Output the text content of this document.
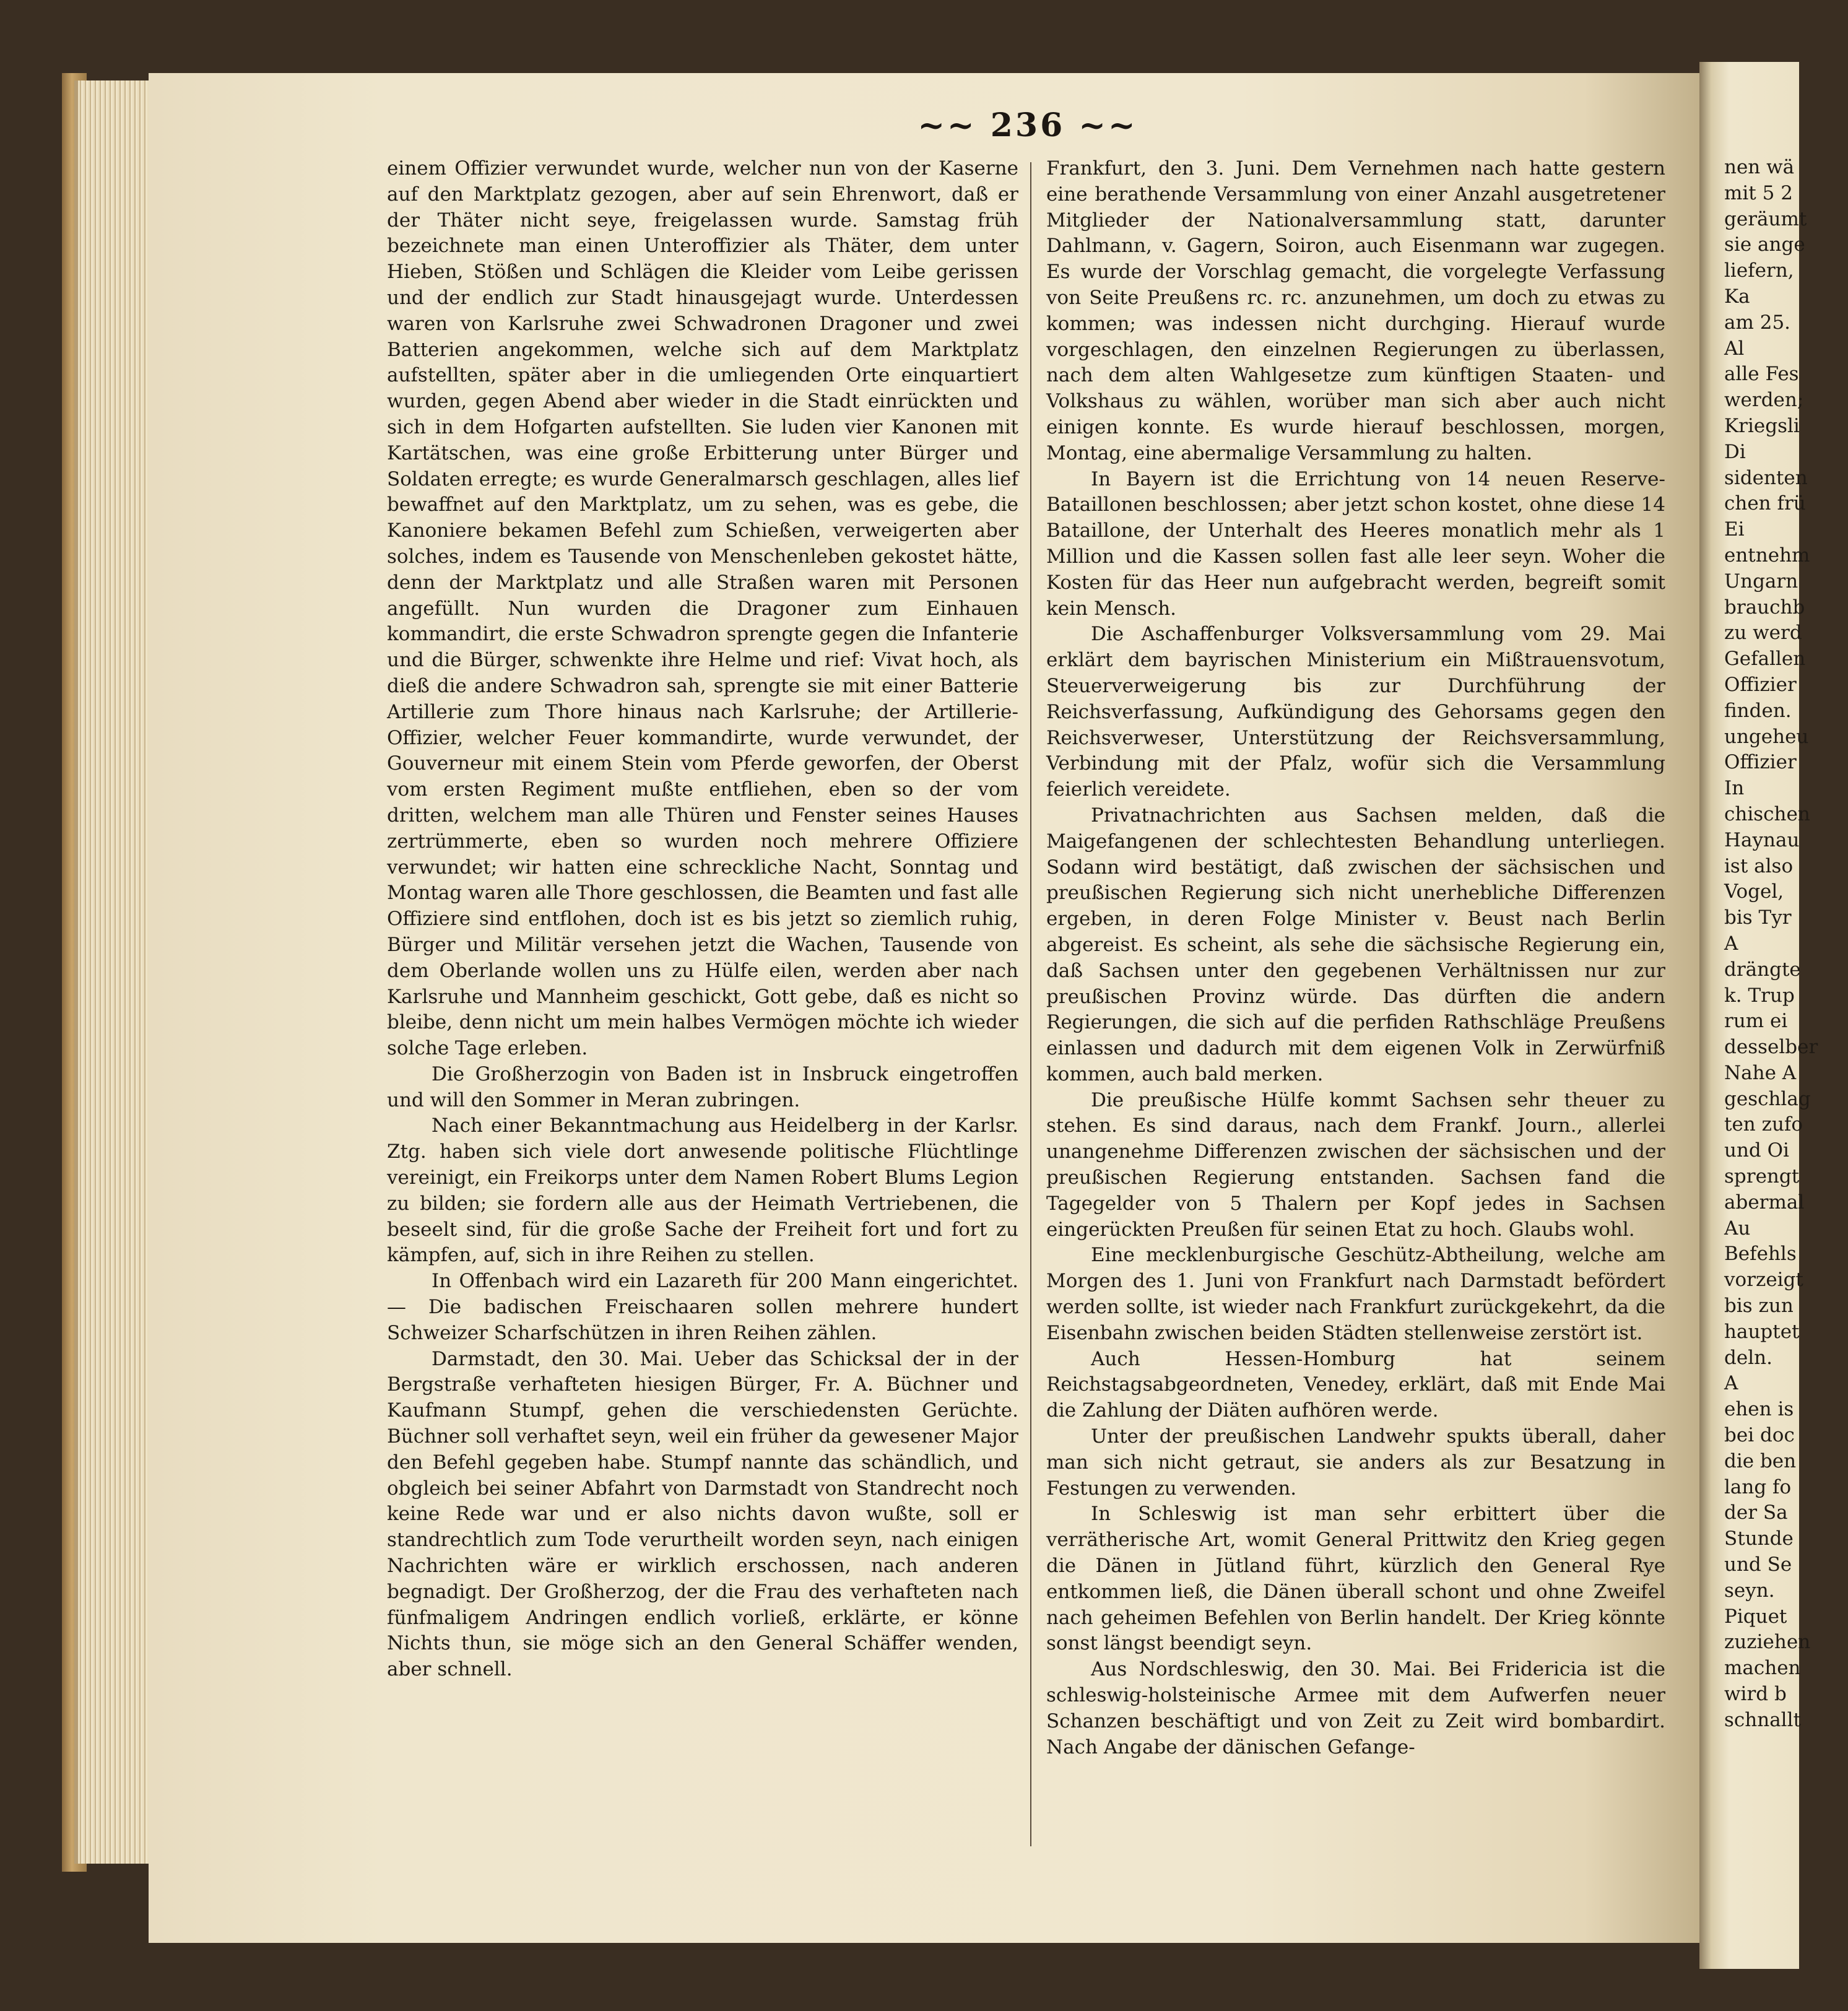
~~ 236 ~~

einem Offizier verwundet wurde, welcher nun von der Kaserne auf den Marktplatz gezogen, aber auf sein Ehrenwort, daß er der Thäter nicht seye, freigelassen wurde. Samstag früh bezeichnete man einen Unteroffizier als Thäter, dem unter Hieben, Stößen und Schlägen die Kleider vom Leibe gerissen und der endlich zur Stadt hinausgejagt wurde. Unterdessen waren von Karlsruhe zwei Schwadronen Dragoner und zwei Batterien angekommen, welche sich auf dem Marktplatz aufstellten, später aber in die umliegenden Orte einquartiert wurden, gegen Abend aber wieder in die Stadt einrückten und sich in dem Hofgarten aufstellten. Sie luden vier Kanonen mit Kartätschen, was eine große Erbitterung unter Bürger und Soldaten erregte; es wurde Generalmarsch geschlagen, alles lief bewaffnet auf den Marktplatz, um zu sehen, was es gebe, die Kanoniere bekamen Befehl zum Schießen, verweigerten aber solches, indem es Tausende von Menschenleben gekostet hätte, denn der Marktplatz und alle Straßen waren mit Personen angefüllt. Nun wurden die Dragoner zum Einhauen kommandirt, die erste Schwadron sprengte gegen die Infanterie und die Bürger, schwenkte ihre Helme und rief: Vivat hoch, als dieß die andere Schwadron sah, sprengte sie mit einer Batterie Artillerie zum Thore hinaus nach Karlsruhe; der Artillerie-Offizier, welcher Feuer kommandirte, wurde verwundet, der Gouverneur mit einem Stein vom Pferde geworfen, der Oberst vom ersten Regiment mußte entfliehen, eben so der vom dritten, welchem man alle Thüren und Fenster seines Hauses zertrümmerte, eben so wurden noch mehrere Offiziere verwundet; wir hatten eine schreckliche Nacht, Sonntag und Montag waren alle Thore geschlossen, die Beamten und fast alle Offiziere sind entflohen, doch ist es bis jetzt so ziemlich ruhig, Bürger und Militär versehen jetzt die Wachen, Tausende von dem Oberlande wollen uns zu Hülfe eilen, werden aber nach Karlsruhe und Mannheim geschickt, Gott gebe, daß es nicht so bleibe, denn nicht um mein halbes Vermögen möchte ich wieder solche Tage erleben.

Die Großherzogin von Baden ist in Insbruck eingetroffen und will den Sommer in Meran zubringen.

Nach einer Bekanntmachung aus Heidelberg in der Karlsr. Ztg. haben sich viele dort anwesende politische Flüchtlinge vereinigt, ein Freikorps unter dem Namen Robert Blums Legion zu bilden; sie fordern alle aus der Heimath Vertriebenen, die beseelt sind, für die große Sache der Freiheit fort und fort zu kämpfen, auf, sich in ihre Reihen zu stellen.

In Offenbach wird ein Lazareth für 200 Mann eingerichtet. — Die badischen Freischaaren sollen mehrere hundert Schweizer Scharfschützen in ihren Reihen zählen.

Darmstadt, den 30. Mai. Ueber das Schicksal der in der Bergstraße verhafteten hiesigen Bürger, Fr. A. Büchner und Kaufmann Stumpf, gehen die verschiedensten Gerüchte. Büchner soll verhaftet seyn, weil ein früher da gewesener Major den Befehl gegeben habe. Stumpf nannte das schändlich, und obgleich bei seiner Abfahrt von Darmstadt von Standrecht noch keine Rede war und er also nichts davon wußte, soll er standrechtlich zum Tode verurtheilt worden seyn, nach einigen Nachrichten wäre er wirklich erschossen, nach anderen begnadigt. Der Großherzog, der die Frau des verhafteten nach fünfmaligem Andringen endlich vorließ, erklärte, er könne Nichts thun, sie möge sich an den General Schäffer wenden, aber schnell.

Frankfurt, den 3. Juni. Dem Vernehmen nach hatte gestern eine berathende Versammlung von einer Anzahl ausgetretener Mitglieder der Nationalversammlung statt, darunter Dahlmann, v. Gagern, Soiron, auch Eisenmann war zugegen. Es wurde der Vorschlag gemacht, die vorgelegte Verfassung von Seite Preußens rc. rc. anzunehmen, um doch zu etwas zu kommen; was indessen nicht durchging. Hierauf wurde vorgeschlagen, den einzelnen Regierungen zu überlassen, nach dem alten Wahlgesetze zum künftigen Staaten- und Volkshaus zu wählen, worüber man sich aber auch nicht einigen konnte. Es wurde hierauf beschlossen, morgen, Montag, eine abermalige Versammlung zu halten.

In Bayern ist die Errichtung von 14 neuen Reserve-Bataillonen beschlossen; aber jetzt schon kostet, ohne diese 14 Bataillone, der Unterhalt des Heeres monatlich mehr als 1 Million und die Kassen sollen fast alle leer seyn. Woher die Kosten für das Heer nun aufgebracht werden, begreift somit kein Mensch.

Die Aschaffenburger Volksversammlung vom 29. Mai erklärt dem bayrischen Ministerium ein Mißtrauensvotum, Steuerverweigerung bis zur Durchführung der Reichsverfassung, Aufkündigung des Gehorsams gegen den Reichsverweser, Unterstützung der Reichsversammlung, Verbindung mit der Pfalz, wofür sich die Versammlung feierlich vereidete.

Privatnachrichten aus Sachsen melden, daß die Maigefangenen der schlechtesten Behandlung unterliegen. Sodann wird bestätigt, daß zwischen der sächsischen und preußischen Regierung sich nicht unerhebliche Differenzen ergeben, in deren Folge Minister v. Beust nach Berlin abgereist. Es scheint, als sehe die sächsische Regierung ein, daß Sachsen unter den gegebenen Verhältnissen nur zur preußischen Provinz würde. Das dürften die andern Regierungen, die sich auf die perfiden Rathschläge Preußens einlassen und dadurch mit dem eigenen Volk in Zerwürfniß kommen, auch bald merken.

Die preußische Hülfe kommt Sachsen sehr theuer zu stehen. Es sind daraus, nach dem Frankf. Journ., allerlei unangenehme Differenzen zwischen der sächsischen und der preußischen Regierung entstanden. Sachsen fand die Tagegelder von 5 Thalern per Kopf jedes in Sachsen eingerückten Preußen für seinen Etat zu hoch. Glaubs wohl.

Eine mecklenburgische Geschütz-Abtheilung, welche am Morgen des 1. Juni von Frankfurt nach Darmstadt befördert werden sollte, ist wieder nach Frankfurt zurückgekehrt, da die Eisenbahn zwischen beiden Städten stellenweise zerstört ist.

Auch Hessen-Homburg hat seinem Reichstagsabgeordneten, Venedey, erklärt, daß mit Ende Mai die Zahlung der Diäten aufhören werde.

Unter der preußischen Landwehr spukts überall, daher man sich nicht getraut, sie anders als zur Besatzung in Festungen zu verwenden.

In Schleswig ist man sehr erbittert über die verrätherische Art, womit General Prittwitz den Krieg gegen die Dänen in Jütland führt, kürzlich den General Rye entkommen ließ, die Dänen überall schont und ohne Zweifel nach geheimen Befehlen von Berlin handelt. Der Krieg könnte sonst längst beendigt seyn.

Aus Nordschleswig, den 30. Mai. Bei Fridericia ist die schleswig-holsteinische Armee mit dem Aufwerfen neuer Schanzen beschäftigt und von Zeit zu Zeit wird bombardirt. Nach Angabe der dänischen Gefange-

nen wä
mit 5 2
geräumt
sie ange
liefern,
Ka
am 25.
Al
alle Fes
werden;
Kriegsli
Di
sidenten
chen frü
Ei
entnehm
Ungarn
brauchb
zu werd
Gefallen
Offizier
finden.
ungeheu
Offizier
In
chischen
Haynau
ist also
Vogel,
bis Tyr
A
drängte
k. Trup
rum ei
desselber
Nahe A
geschlag
ten zufo
und Oi
sprengt
abermal
Au
Befehls
vorzeigt
bis zun
hauptet
deln.
A
ehen is
bei doc
die ben
lang fo
der Sa
Stunde
und Se
seyn.
Piquet
zuziehen
machen
wird b
schnallt
